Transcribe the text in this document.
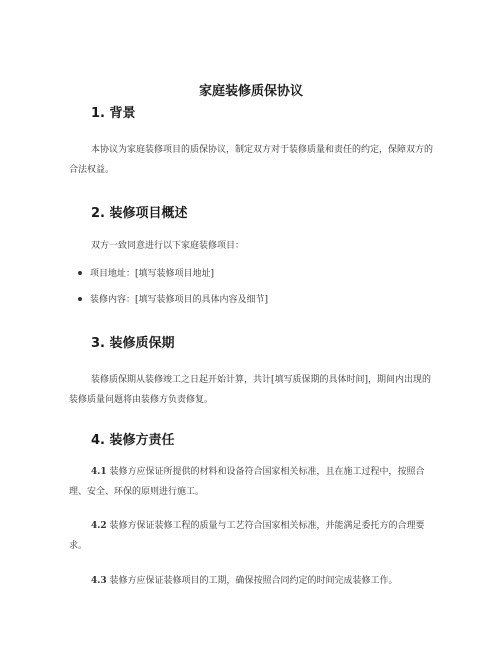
家庭装修质保协议
1. 背景
本协议为家庭装修项目的质保协议，制定双方对于装修质量和责任的约定，保障双方的合法权益。
2. 装修项目概述
双方一致同意进行以下家庭装修项目：
项目地址：[填写装修项目地址]
装修内容：[填写装修项目的具体内容及细节]
3. 装修质保期
装修质保期从装修竣工之日起开始计算，共计[填写质保期的具体时间]，期间内出现的装修质量问题将由装修方负责修复。
4. 装修方责任
4.1 装修方应保证所提供的材料和设备符合国家相关标准，且在施工过程中，按照合理、安全、环保的原则进行施工。
4.2 装修方保证装修工程的质量与工艺符合国家相关标准，并能满足委托方的合理要求。
4.3 装修方应保证装修项目的工期，确保按照合同约定的时间完成装修工作。
